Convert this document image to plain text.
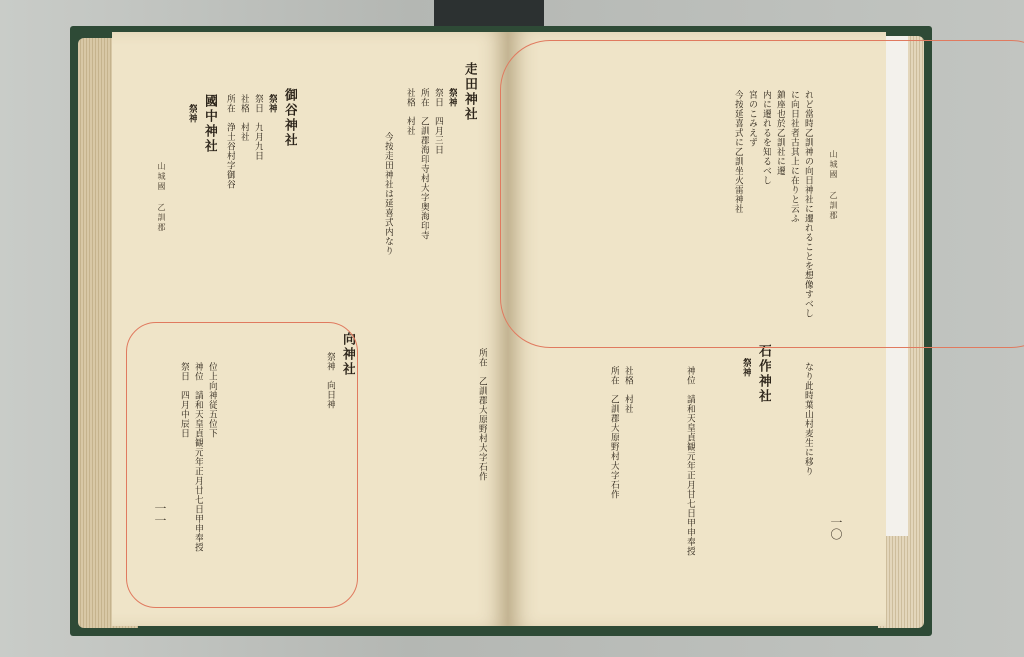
山城國 乙訓郡
一一
走田神社
祭神
祭日　四月三日
所在　乙訓郡海印寺村大字奥海印寺
社格　村社
今按走田神社は延喜式内なり
御谷神社
祭神
祭日　九月九日
社格　村社
所在　浄土谷村字御谷
國中神社
祭神
所在　乙訓郡大原野村大字石作
向神社
祭神　向日神
位上向神従五位下
神位　請和天皇貞観元年正月廿七日甲申奉授
祭日　四月中辰日
山城國 乙訓郡
一〇
れど當時乙訓神の向日神社に遷れることを想像すべし
に向日社者古其上に在りと云ふ
鎮座也於乙訓社に遷
内に遷れるを知るべし
宮のこみえず
今按延喜式に乙訓坐火雷神社
なり此時葉山村麦生に移り
石作神社
祭神
社格　村社
所在　乙訓郡大原野村大字石作	神位　請和天皇貞観元年正月甘七日甲申奉授
